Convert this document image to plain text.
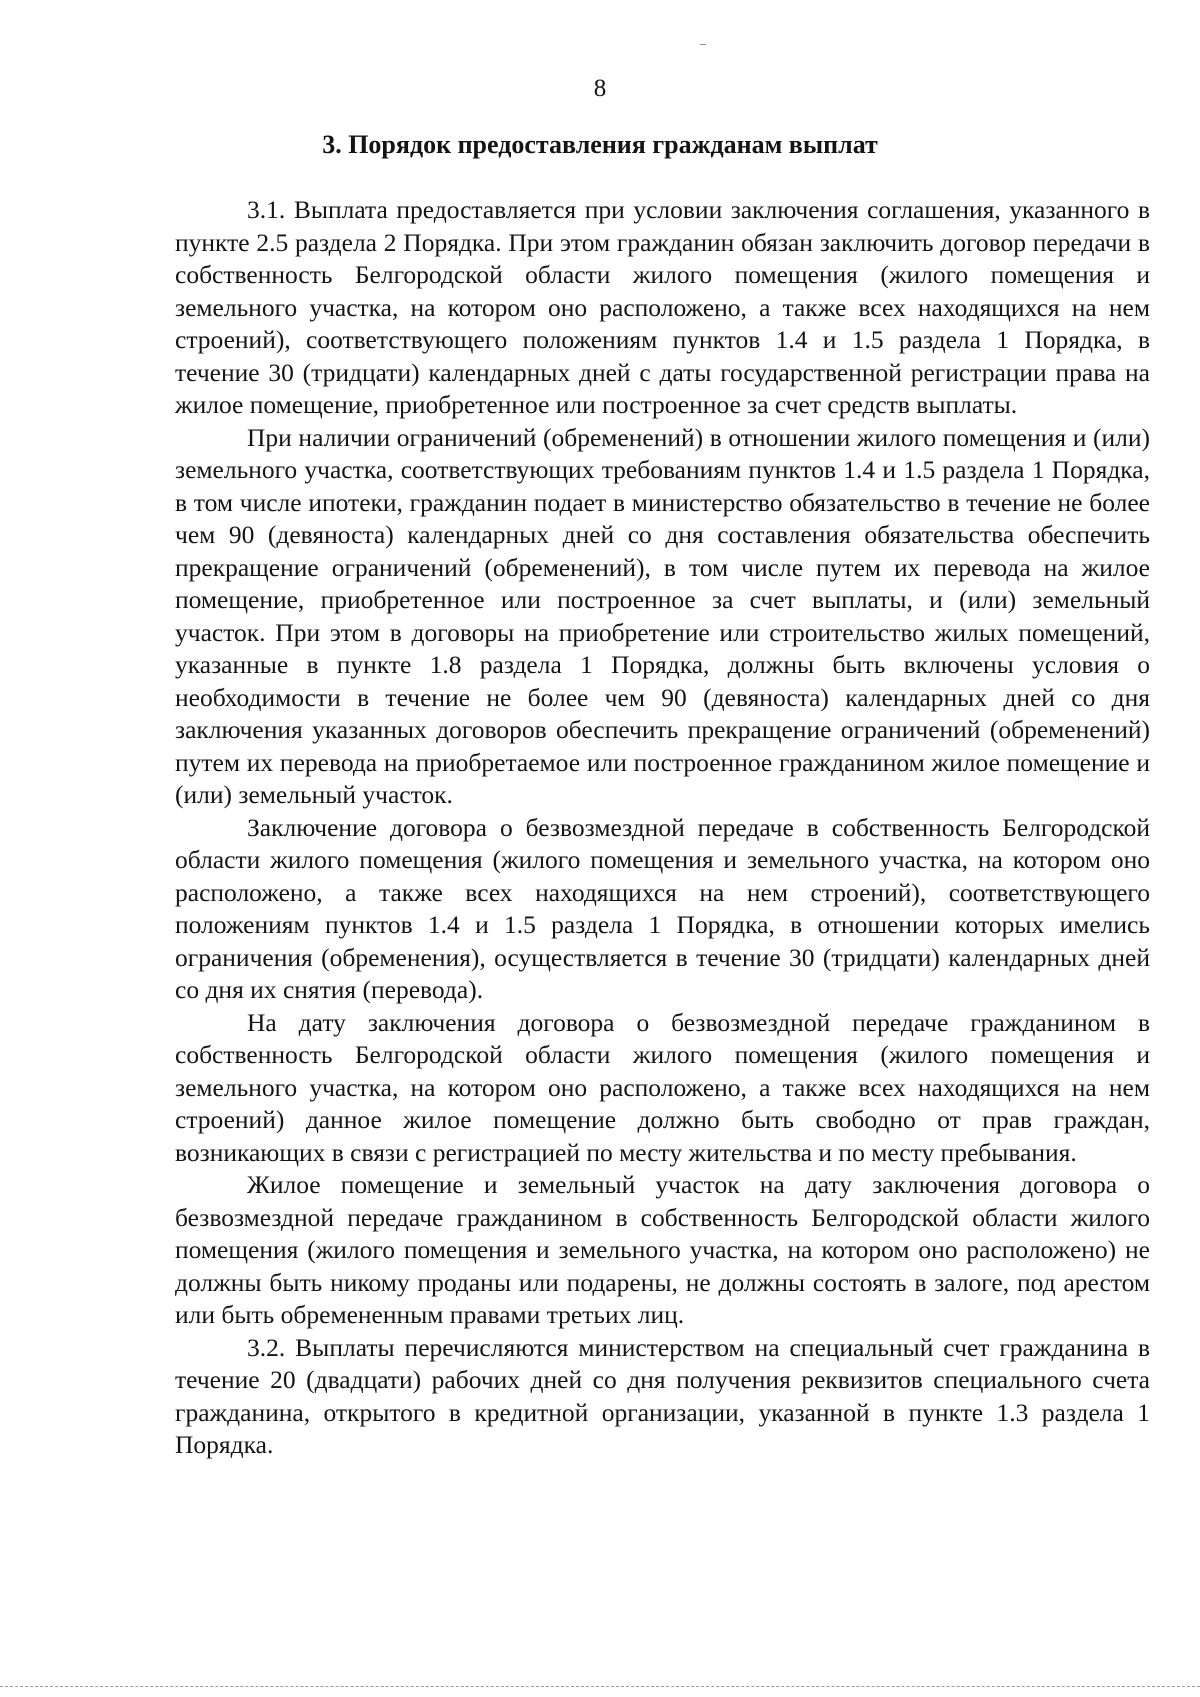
8
3. Порядок предоставления гражданам выплат

3.1. Выплата предоставляется при условии заключения соглашения, указанного в пункте 2.5 раздела 2 Порядка. При этом гражданин обязан заключить договор передачи в собственность Белгородской области жилого помещения (жилого помещения и земельного участка, на котором оно расположено, а также всех находящихся на нем строений), соответствующего положениям пунктов 1.4 и 1.5 раздела 1 Порядка, в течение 30 (тридцати) календарных дней с даты государственной регистрации права на жилое помещение, приобретенное или построенное за счет средств выплаты.

При наличии ограничений (обременений) в отношении жилого помещения и (или) земельного участка, соответствующих требованиям пунктов 1.4 и 1.5 раздела 1 Порядка, в том числе ипотеки, гражданин подает в министерство обязательство в течение не более чем 90 (девяноста) календарных дней со дня составления обязательства обеспечить прекращение ограничений (обременений), в том числе путем их перевода на жилое помещение, приобретенное или построенное за счет выплаты, и (или) земельный участок. При этом в договоры на приобретение или строительство жилых помещений, указанные в пункте 1.8 раздела 1 Порядка, должны быть включены условия о необходимости в течение не более чем 90 (девяноста) календарных дней со дня заключения указанных договоров обеспечить прекращение ограничений (обременений) путем их перевода на приобретаемое или построенное гражданином жилое помещение и (или) земельный участок.

Заключение договора о безвозмездной передаче в собственность Белгородской области жилого помещения (жилого помещения и земельного участка, на котором оно расположено, а также всех находящихся на нем строений), соответствующего положениям пунктов 1.4 и 1.5 раздела 1 Порядка, в отношении которых имелись ограничения (обременения), осуществляется в течение 30 (тридцати) календарных дней со дня их снятия (перевода).

На дату заключения договора о безвозмездной передаче гражданином в собственность Белгородской области жилого помещения (жилого помещения и земельного участка, на котором оно расположено, а также всех находящихся на нем строений) данное жилое помещение должно быть свободно от прав граждан, возникающих в связи с регистрацией по месту жительства и по месту пребывания.

Жилое помещение и земельный участок на дату заключения договора о безвозмездной передаче гражданином в собственность Белгородской области жилого помещения (жилого помещения и земельного участка, на котором оно расположено) не должны быть никому проданы или подарены, не должны состоять в залоге, под арестом или быть обремененным правами третьих лиц.

3.2. Выплаты перечисляются министерством на специальный счет гражданина в течение 20 (двадцати) рабочих дней со дня получения реквизитов специального счета гражданина, открытого в кредитной организации, указанной в пункте 1.3 раздела 1 Порядка.
